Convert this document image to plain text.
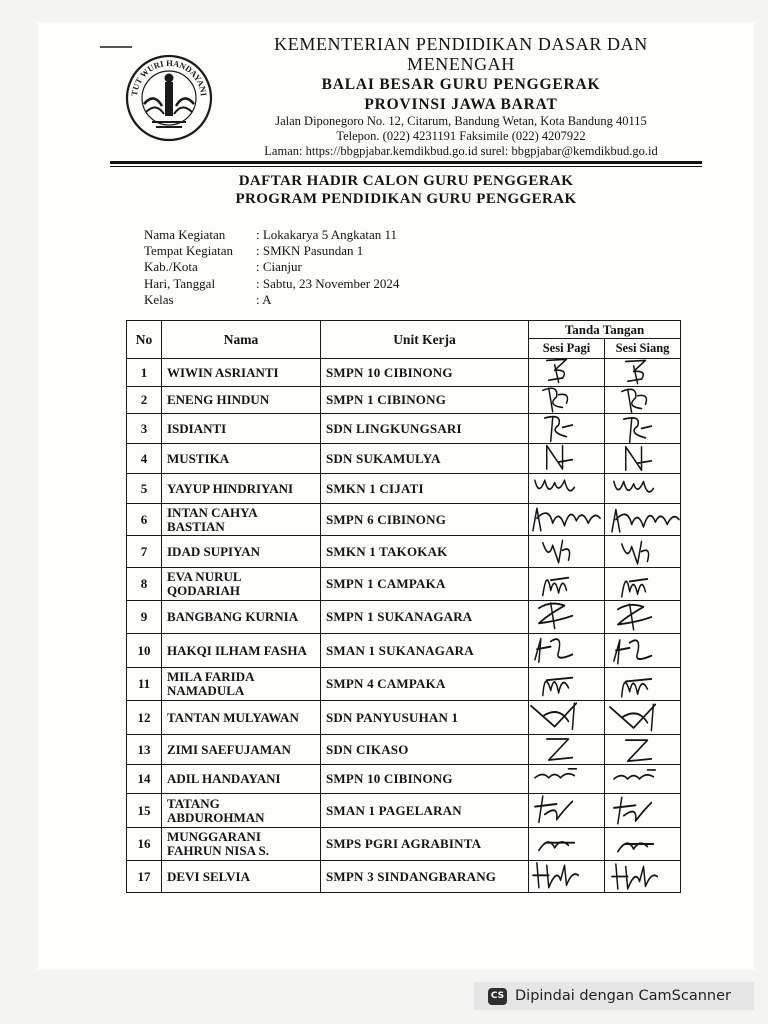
TUT WURI HANDAYANI
KEMENTERIAN PENDIDIKAN DASAR DAN
MENENGAH
BALAI BESAR GURU PENGGERAK
PROVINSI JAWA BARAT
Jalan Diponegoro No. 12, Citarum, Bandung Wetan, Kota Bandung 40115
Telepon. (022) 4231191 Faksimile (022) 4207922
Laman: https://bbgpjabar.kemdikbud.go.id surel: bbgpjabar@kemdikbud.go.id
DAFTAR HADIR CALON GURU PENGGERAK
PROGRAM PENDIDIKAN GURU PENGGERAK
Nama Kegiatan	: Lokakarya 5 Angkatan 11
Tempat Kegiatan	: SMKN Pasundan 1
Kab./Kota	: Cianjur
Hari, Tanggal	: Sabtu, 23 November 2024
Kelas	: A
No	Nama	Unit Kerja	Tanda Tangan	
			Sesi Pagi	Sesi Siang
1	WIWIN ASRIANTI	SMPN 10 CIBINONG	

2	ENENG HINDUN	SMPN 1 CIBINONG	

3	ISDIANTI	SDN LINGKUNGSARI	

4	MUSTIKA	SDN SUKAMULYA	

5	YAYUP HINDRIYANI	SMKN 1 CIJATI	

6	INTAN CAHYA BASTIAN	SMPN 6 CIBINONG	

7	IDAD SUPIYAN	SMKN 1 TAKOKAK	

8	EVA NURUL QODARIAH	SMPN 1 CAMPAKA	

9	BANGBANG KURNIA	SMPN 1 SUKANAGARA	

10	HAKQI ILHAM FASHA	SMAN 1 SUKANAGARA	

11	MILA FARIDA NAMADULA	SMPN 4 CAMPAKA	

12	TANTAN MULYAWAN	SDN PANYUSUHAN 1	

13	ZIMI SAEFUJAMAN	SDN CIKASO	

14	ADIL HANDAYANI	SMPN 10 CIBINONG	

15	TATANG ABDUROHMAN	SMAN 1 PAGELARAN	

16	MUNGGARANI FAHRUN NISA S.	SMPS PGRI AGRABINTA	

17	DEVI SELVIA	SMPN 3 SINDANGBARANG	

CS Dipindai dengan CamScanner
